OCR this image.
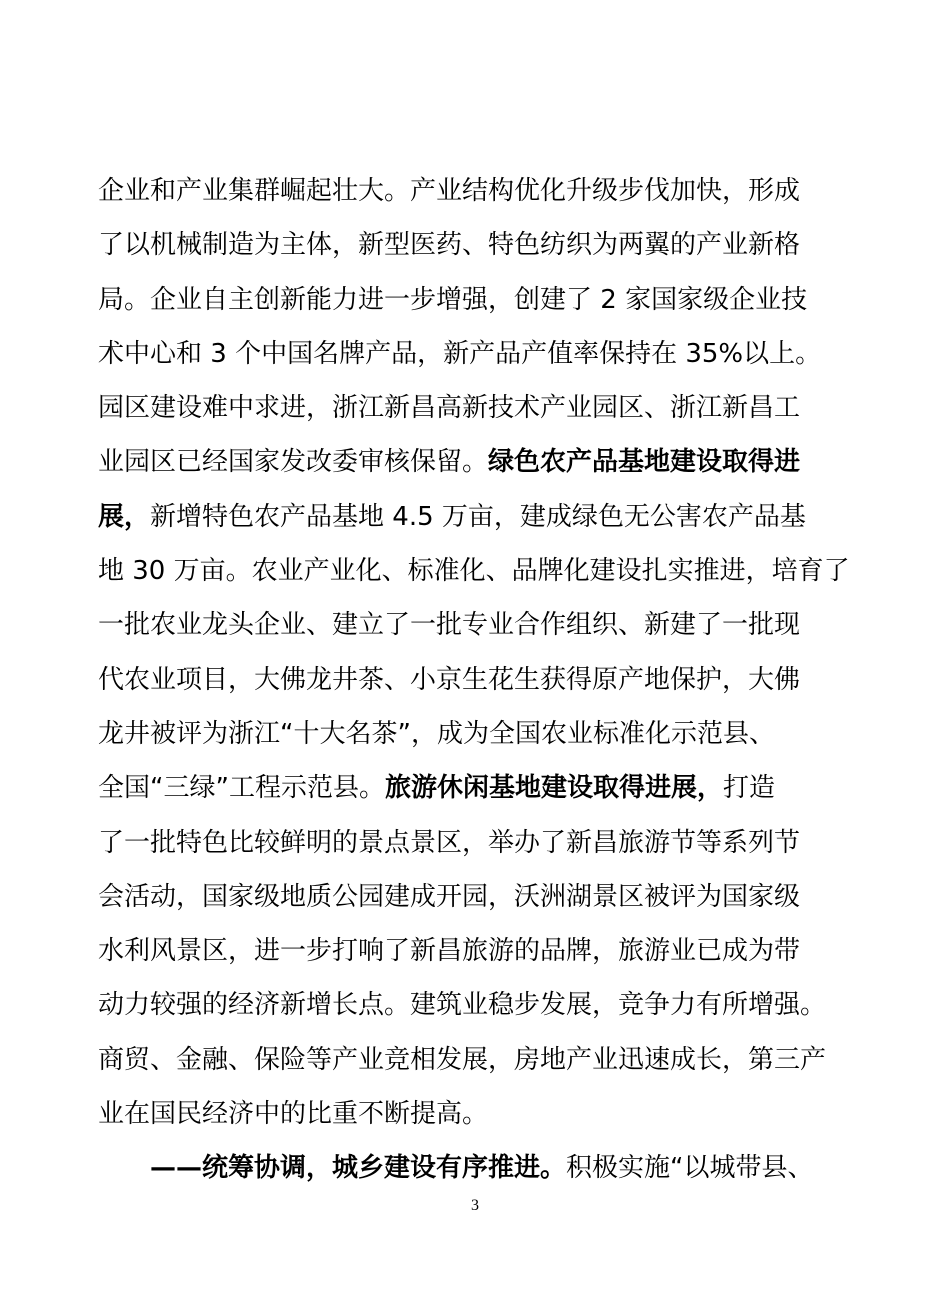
企业和产业集群崛起壮大。产业结构优化升级步伐加快，形成
了以机械制造为主体，新型医药、特色纺织为两翼的产业新格
局。企业自主创新能力进一步增强，创建了 2 家国家级企业技
术中心和 3 个中国名牌产品，新产品产值率保持在 35%以上。
园区建设难中求进，浙江新昌高新技术产业园区、浙江新昌工
业园区已经国家发改委审核保留。绿色农产品基地建设取得进
展，新增特色农产品基地 4.5 万亩，建成绿色无公害农产品基
地 30 万亩。农业产业化、标准化、品牌化建设扎实推进，培育了
一批农业龙头企业、建立了一批专业合作组织、新建了一批现
代农业项目，大佛龙井茶、小京生花生获得原产地保护，大佛
龙井被评为浙江“十大名茶”，成为全国农业标准化示范县、
全国“三绿”工程示范县。旅游休闲基地建设取得进展，打造
了一批特色比较鲜明的景点景区，举办了新昌旅游节等系列节
会活动，国家级地质公园建成开园，沃洲湖景区被评为国家级
水利风景区，进一步打响了新昌旅游的品牌，旅游业已成为带
动力较强的经济新增长点。建筑业稳步发展，竞争力有所增强。
商贸、金融、保险等产业竞相发展，房地产业迅速成长，第三产
业在国民经济中的比重不断提高。
——统筹协调，城乡建设有序推进。积极实施“以城带县、
3
